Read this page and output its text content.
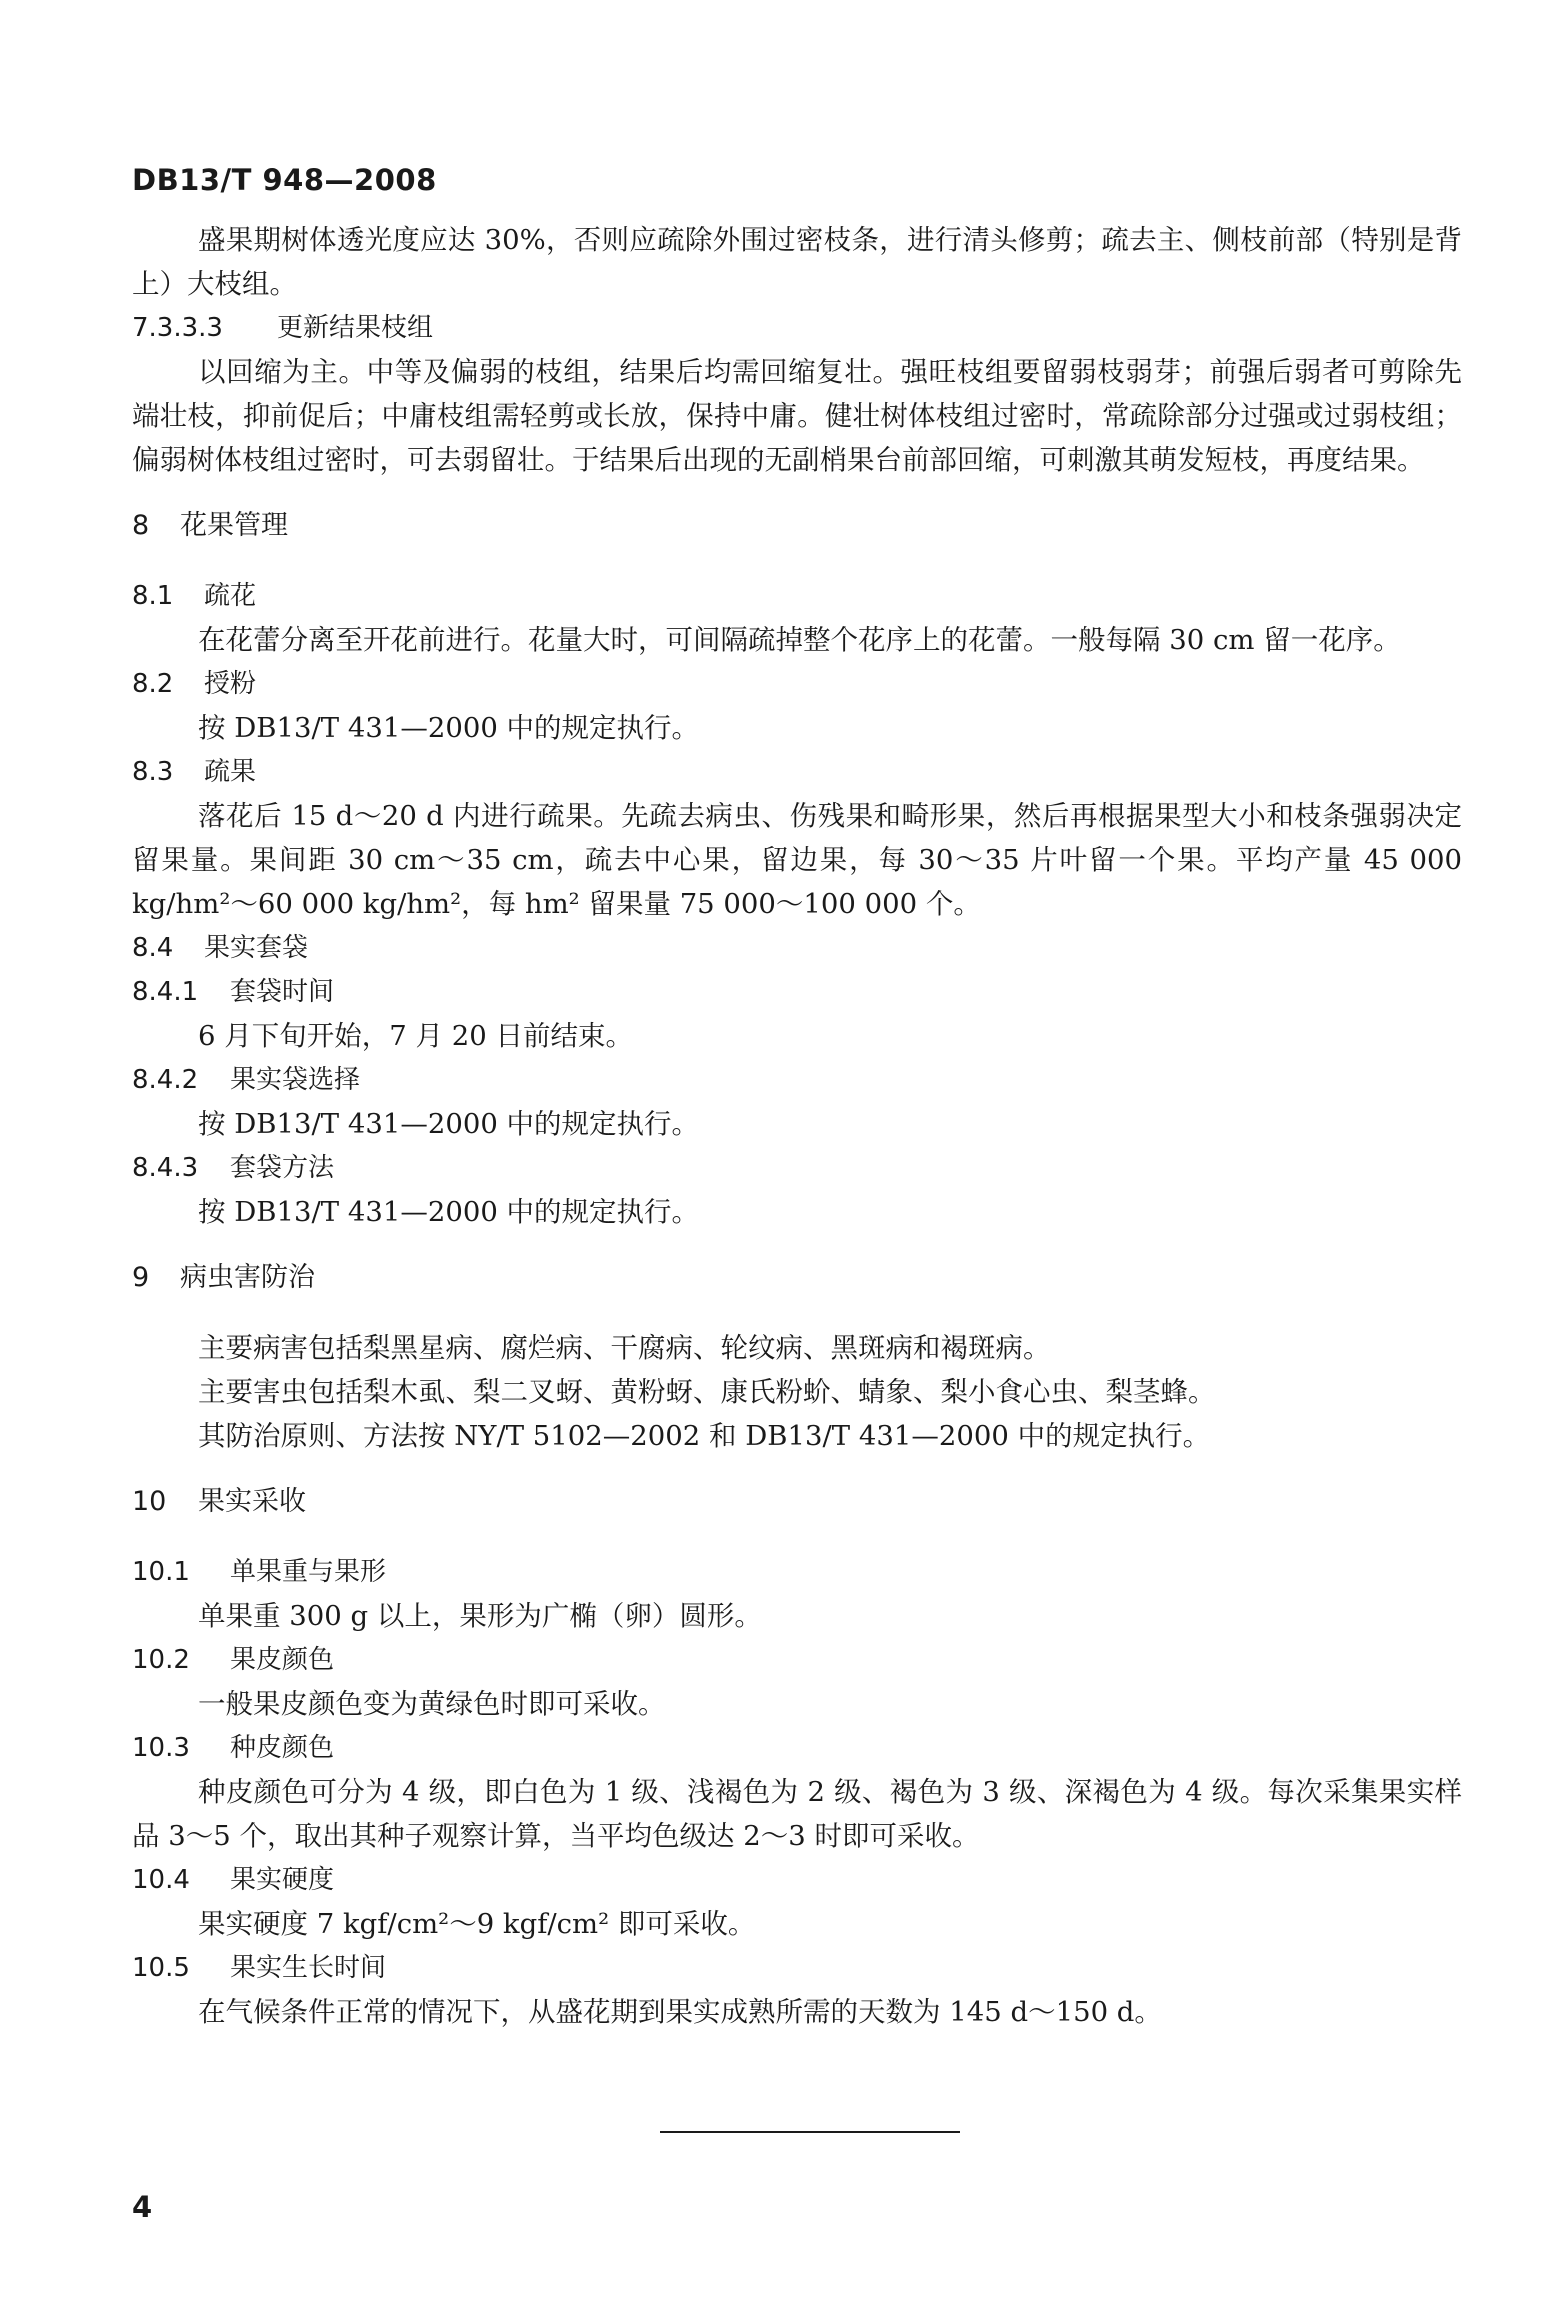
DB13/T 948—2008

盛果期树体透光度应达 30%，否则应疏除外围过密枝条，进行清头修剪；疏去主、侧枝前部（特别是背上）大枝组。

7.3.3.3 更新结果枝组

以回缩为主。中等及偏弱的枝组，结果后均需回缩复壮。强旺枝组要留弱枝弱芽；前强后弱者可剪除先端壮枝，抑前促后；中庸枝组需轻剪或长放，保持中庸。健壮树体枝组过密时，常疏除部分过强或过弱枝组；偏弱树体枝组过密时，可去弱留壮。于结果后出现的无副梢果台前部回缩，可刺激其萌发短枝，再度结果。

8 花果管理
8.1 疏花

在花蕾分离至开花前进行。花量大时，可间隔疏掉整个花序上的花蕾。一般每隔 30 cm 留一花序。

8.2 授粉

按 DB13/T 431—2000 中的规定执行。

8.3 疏果

落花后 15 d～20 d 内进行疏果。先疏去病虫、伤残果和畸形果，然后再根据果型大小和枝条强弱决定留果量。果间距 30 cm～35 cm，疏去中心果，留边果，每 30～35 片叶留一个果。平均产量 45 000 kg/hm²～60 000 kg/hm²，每 hm² 留果量 75 000～100 000 个。

8.4 果实套袋
8.4.1 套袋时间

6 月下旬开始，7 月 20 日前结束。

8.4.2 果实袋选择

按 DB13/T 431—2000 中的规定执行。

8.4.3 套袋方法

按 DB13/T 431—2000 中的规定执行。

9 病虫害防治

主要病害包括梨黑星病、腐烂病、干腐病、轮纹病、黑斑病和褐斑病。

主要害虫包括梨木虱、梨二叉蚜、黄粉蚜、康氏粉蚧、蜻象、梨小食心虫、梨茎蜂。

其防治原则、方法按 NY/T 5102—2002 和 DB13/T 431—2000 中的规定执行。

10 果实采收
10.1 单果重与果形

单果重 300 g 以上，果形为广椭（卵）圆形。

10.2 果皮颜色

一般果皮颜色变为黄绿色时即可采收。

10.3 种皮颜色

种皮颜色可分为 4 级，即白色为 1 级、浅褐色为 2 级、褐色为 3 级、深褐色为 4 级。每次采集果实样品 3～5 个，取出其种子观察计算，当平均色级达 2～3 时即可采收。

10.4 果实硬度

果实硬度 7 kgf/cm²～9 kgf/cm² 即可采收。

10.5 果实生长时间

在气候条件正常的情况下，从盛花期到果实成熟所需的天数为 145 d～150 d。

4
